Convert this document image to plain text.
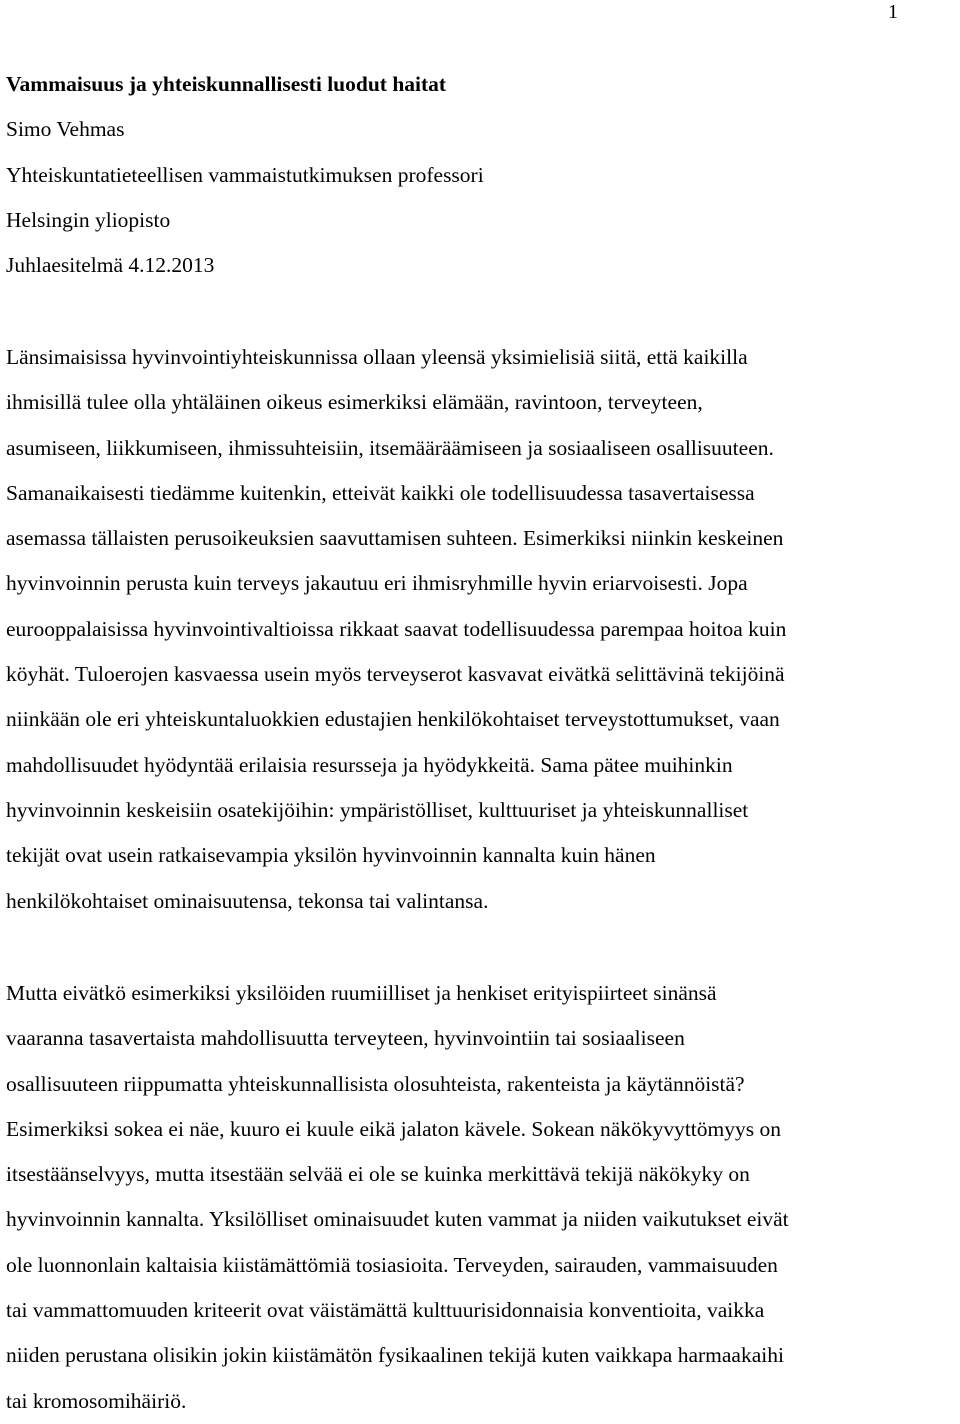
1
Vammaisuus ja yhteiskunnallisesti luodut haitat
Simo Vehmas
Yhteiskuntatieteellisen vammaistutkimuksen professori
Helsingin yliopisto
Juhlaesitelmä 4.12.2013

Länsimaisissa hyvinvointiyhteiskunnissa ollaan yleensä yksimielisiä siitä, että kaikilla
ihmisillä tulee olla yhtäläinen oikeus esimerkiksi elämään, ravintoon, terveyteen,
asumiseen, liikkumiseen, ihmissuhteisiin, itsemääräämiseen ja sosiaaliseen osallisuuteen.
Samanaikaisesti tiedämme kuitenkin, etteivät kaikki ole todellisuudessa tasavertaisessa
asemassa tällaisten perusoikeuksien saavuttamisen suhteen. Esimerkiksi niinkin keskeinen
hyvinvoinnin perusta kuin terveys jakautuu eri ihmisryhmille hyvin eriarvoisesti. Jopa
eurooppalaisissa hyvinvointivaltioissa rikkaat saavat todellisuudessa parempaa hoitoa kuin
köyhät. Tuloerojen kasvaessa usein myös terveyserot kasvavat eivätkä selittävinä tekijöinä
niinkään ole eri yhteiskuntaluokkien edustajien henkilökohtaiset terveystottumukset, vaan
mahdollisuudet hyödyntää erilaisia resursseja ja hyödykkeitä. Sama pätee muihinkin
hyvinvoinnin keskeisiin osatekijöihin: ympäristölliset, kulttuuriset ja yhteiskunnalliset
tekijät ovat usein ratkaisevampia yksilön hyvinvoinnin kannalta kuin hänen
henkilökohtaiset ominaisuutensa, tekonsa tai valintansa.

Mutta eivätkö esimerkiksi yksilöiden ruumiilliset ja henkiset erityispiirteet sinänsä
vaaranna tasavertaista mahdollisuutta terveyteen, hyvinvointiin tai sosiaaliseen
osallisuuteen riippumatta yhteiskunnallisista olosuhteista, rakenteista ja käytännöistä?
Esimerkiksi sokea ei näe, kuuro ei kuule eikä jalaton kävele. Sokean näkökyvyttömyys on
itsestäänselvyys, mutta itsestään selvää ei ole se kuinka merkittävä tekijä näkökyky on
hyvinvoinnin kannalta. Yksilölliset ominaisuudet kuten vammat ja niiden vaikutukset eivät
ole luonnonlain kaltaisia kiistämättömiä tosiasioita. Terveyden, sairauden, vammaisuuden
tai vammattomuuden kriteerit ovat väistämättä kulttuurisidonnaisia konventioita, vaikka
niiden perustana olisikin jokin kiistämätön fysikaalinen tekijä kuten vaikkapa harmaakaihi
tai kromosomihäiriö.
